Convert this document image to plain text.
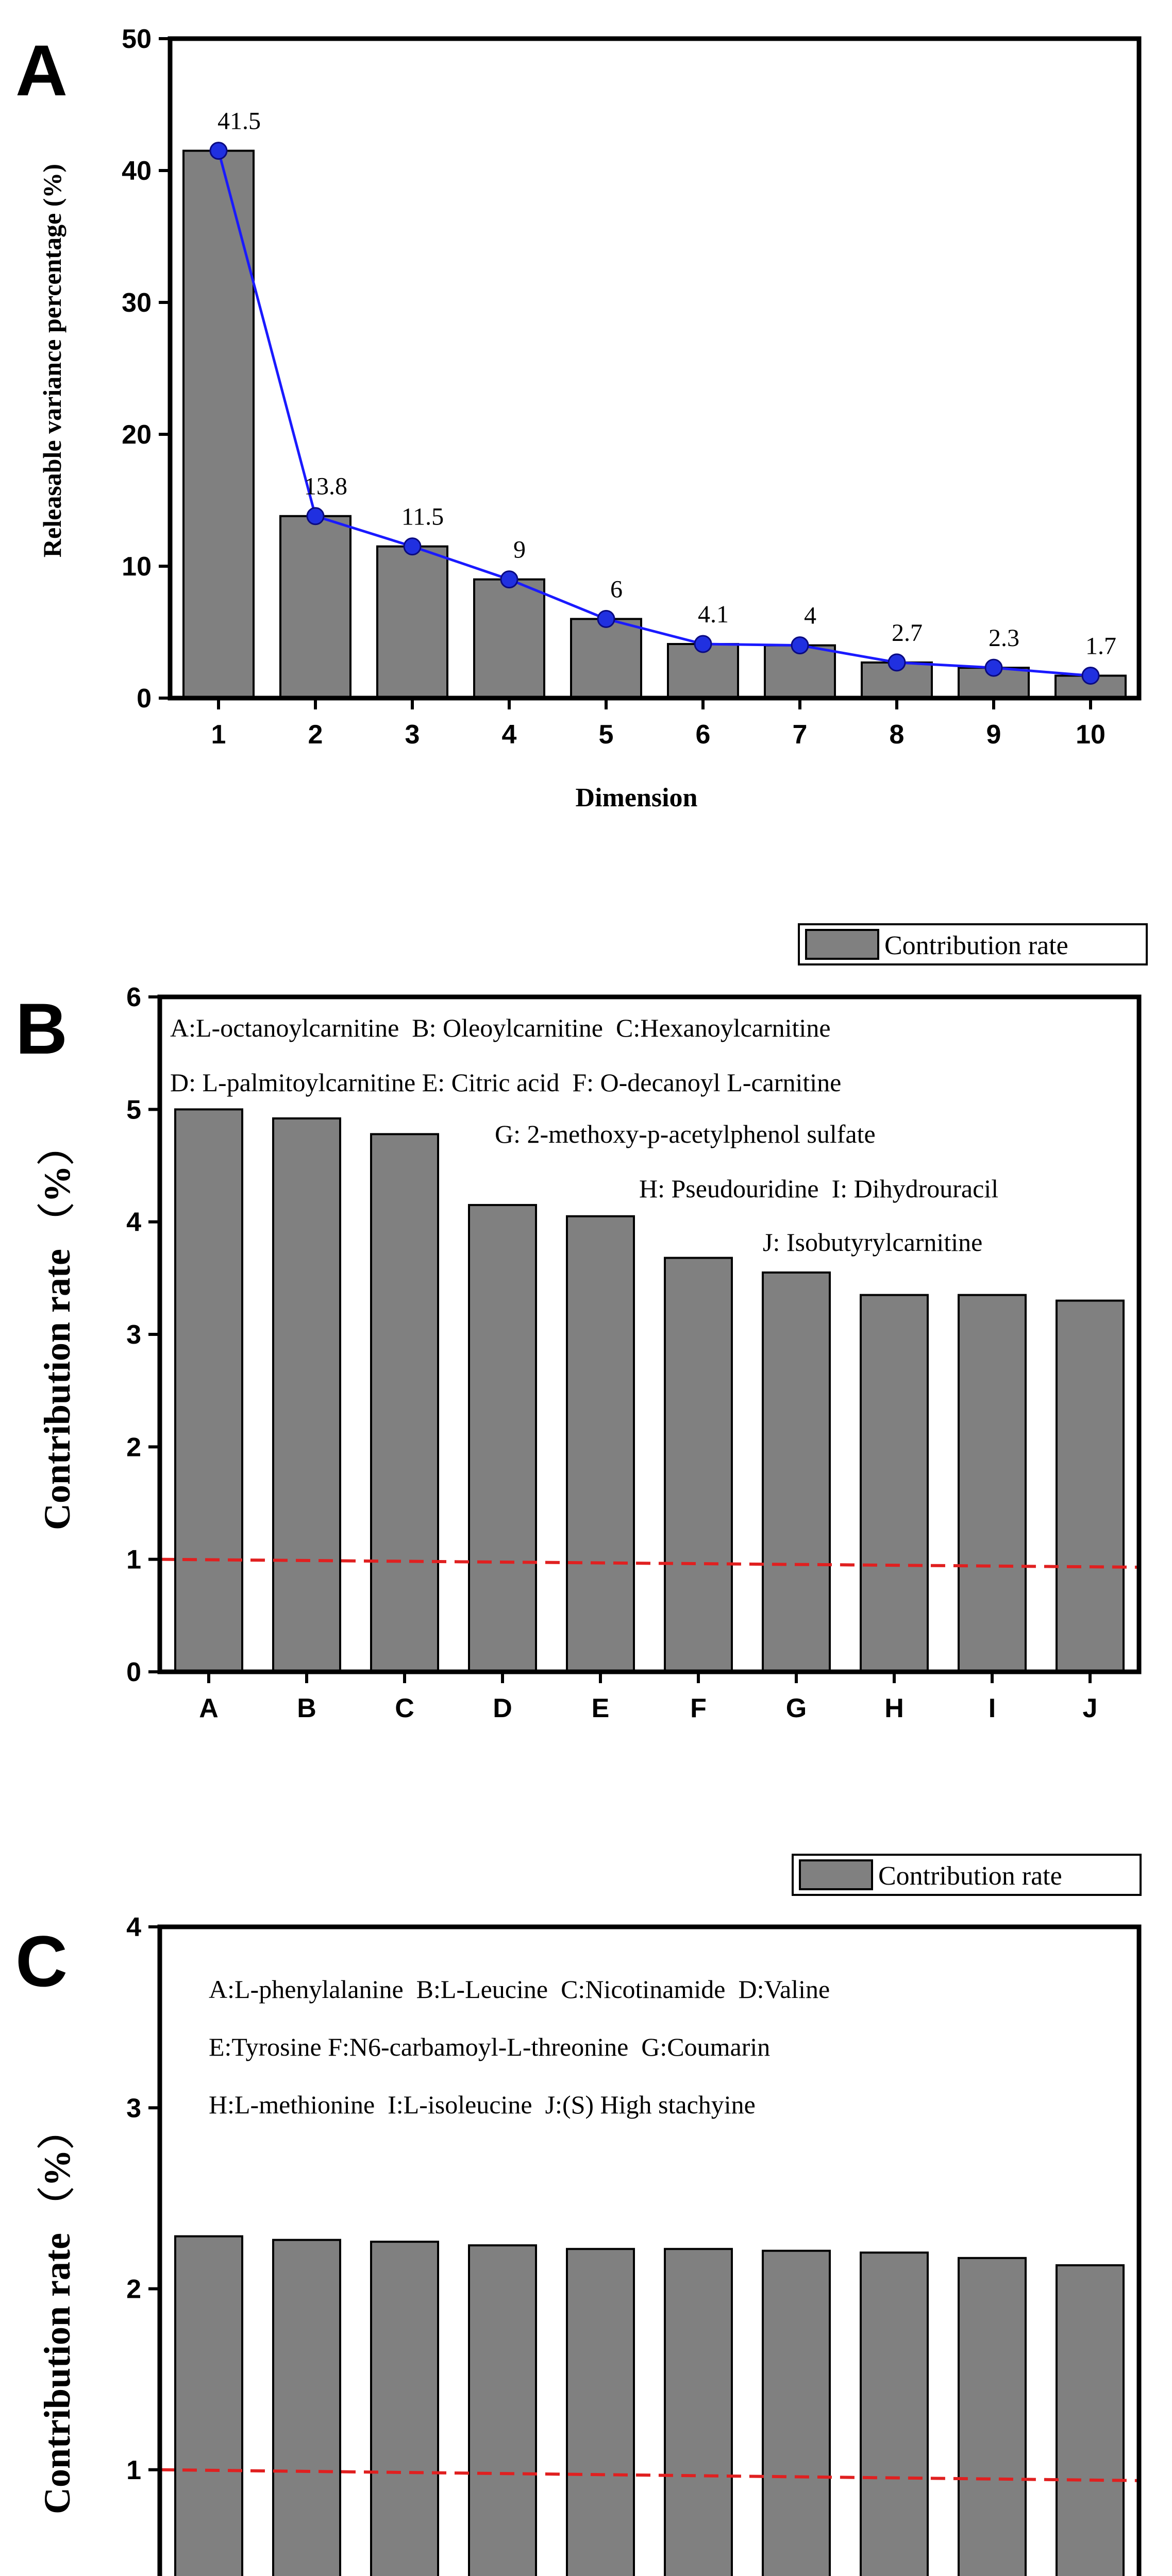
A
Releasable variance percentage (%)
Dimension
41.5
13.8
11.5
9
6
4.1	4
2.7	2.3	1.7
0
10
20
30
40
50
1	2	3	4	5	6	7	8	9	10
B
Contribution rate （%）
Contribution rate
A:L-octanoylcarnitine  B: Oleoylcarnitine  C:Hexanoylcarnitine
D: L-palmitoylcarnitine E: Citric acid  F: O-decanoyl L-carnitine
G: 2-methoxy-p-acetylphenol sulfate
H: Pseudouridine  I: Dihydrouracil
J: Isobutyrylcarnitine
0
1
2
3
4
5
6
A	B	C	D	E	F	G	H	I	J
C
Contribution rate （%）
Contribution rate
A:L-phenylalanine  B:L-Leucine  C:Nicotinamide  D:Valine
E:Tyrosine F:N6-carbamoyl-L-threonine  G:Coumarin
H:L-methionine  I:L-isoleucine  J:(S) High stachyine
1
2
3
4
